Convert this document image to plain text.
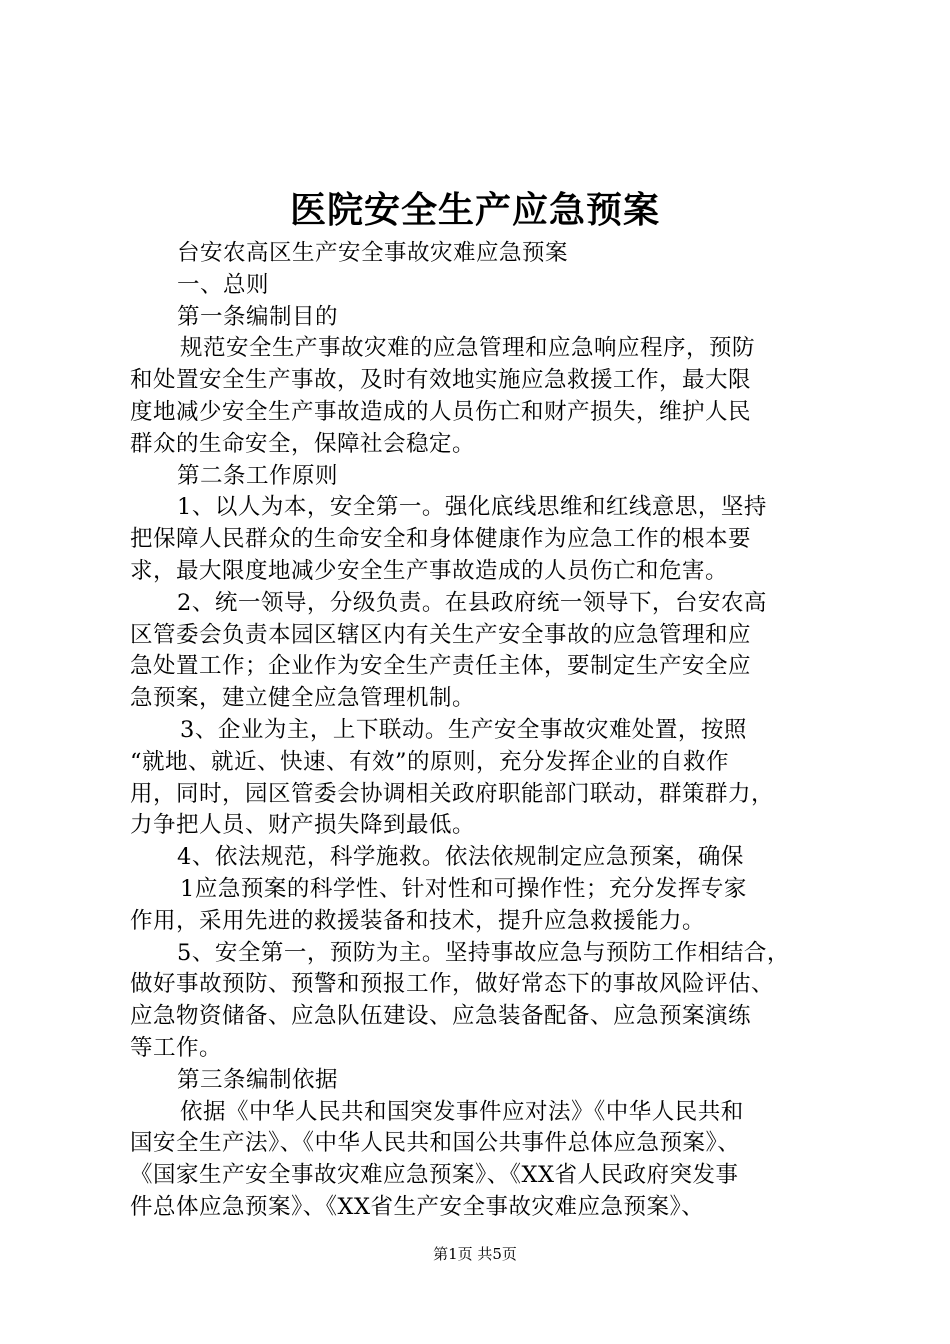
医院安全生产应急预案

台安农高区生产安全事故灾难应急预案

一、总则

第一条编制目的

规范安全生产事故灾难的应急管理和应急响应程序，预防

和处置安全生产事故，及时有效地实施应急救援工作，最大限

度地减少安全生产事故造成的人员伤亡和财产损失，维护人民

群众的生命安全，保障社会稳定。

第二条工作原则

1、以人为本，安全第一。强化底线思维和红线意思，坚持

把保障人民群众的生命安全和身体健康作为应急工作的根本要

求，最大限度地减少安全生产事故造成的人员伤亡和危害。

2、统一领导，分级负责。在县政府统一领导下，台安农高

区管委会负责本园区辖区内有关生产安全事故的应急管理和应

急处置工作；企业作为安全生产责任主体，要制定生产安全应

急预案，建立健全应急管理机制。

3、企业为主，上下联动。生产安全事故灾难处置，按照

“就地、就近、快速、有效”的原则，充分发挥企业的自救作

用，同时，园区管委会协调相关政府职能部门联动，群策群力，

力争把人员、财产损失降到最低。

4、依法规范，科学施救。依法依规制定应急预案，确保

1应急预案的科学性、针对性和可操作性；充分发挥专家

作用，采用先进的救援装备和技术，提升应急救援能力。

5、安全第一，预防为主。坚持事故应急与预防工作相结合，

做好事故预防、预警和预报工作，做好常态下的事故风险评估、

应急物资储备、应急队伍建设、应急装备配备、应急预案演练

等工作。

第三条编制依据

依据《中华人民共和国突发事件应对法》《中华人民共和

国安全生产法》、《中华人民共和国公共事件总体应急预案》、

《国家生产安全事故灾难应急预案》、《XX省人民政府突发事

件总体应急预案》、《XX省生产安全事故灾难应急预案》、

第1页 共5页
